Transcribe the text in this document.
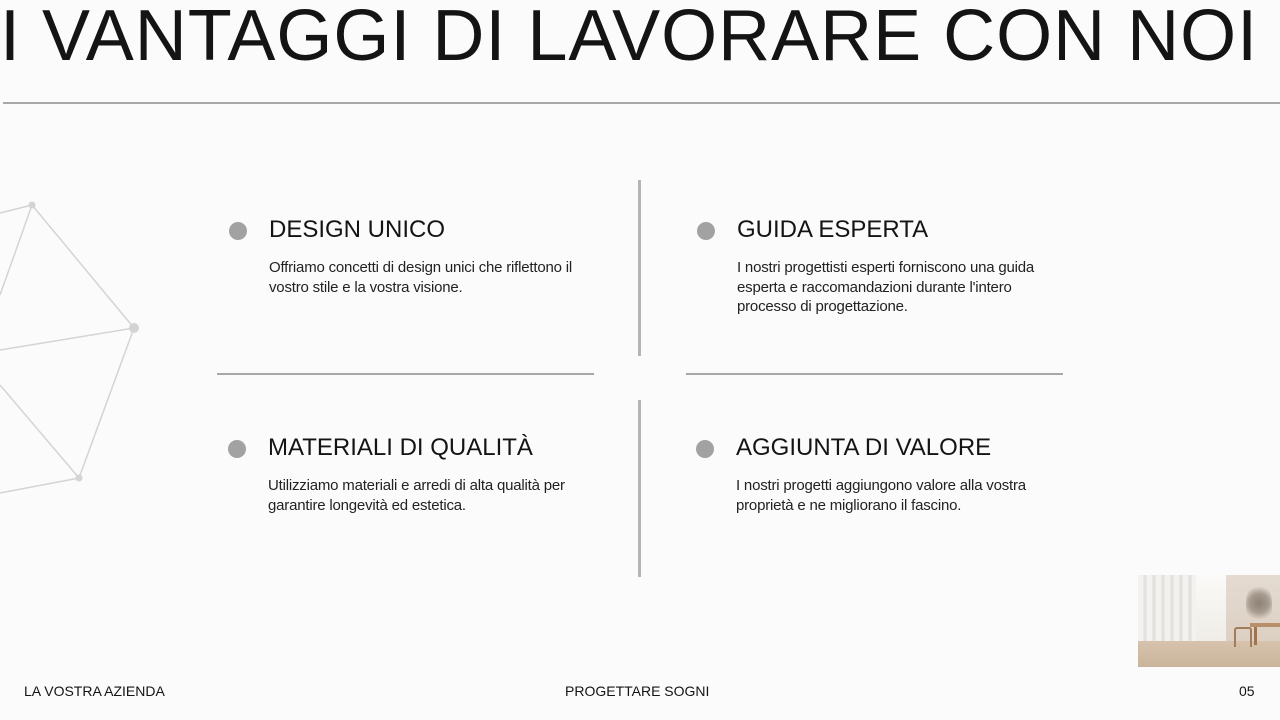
I VANTAGGI DI LAVORARE CON NOI
DESIGN UNICO
Offriamo concetti di design unici che riflettono il vostro stile e la vostra visione.
GUIDA ESPERTA
I nostri progettisti esperti forniscono una guida esperta e raccomandazioni durante l'intero processo di progettazione.
MATERIALI DI QUALITÀ
Utilizziamo materiali e arredi di alta qualità per garantire longevità ed estetica.
AGGIUNTA DI VALORE
I nostri progetti aggiungono valore alla vostra proprietà e ne migliorano il fascino.
LA VOSTRA AZIENDA	PROGETTARE SOGNI	05
